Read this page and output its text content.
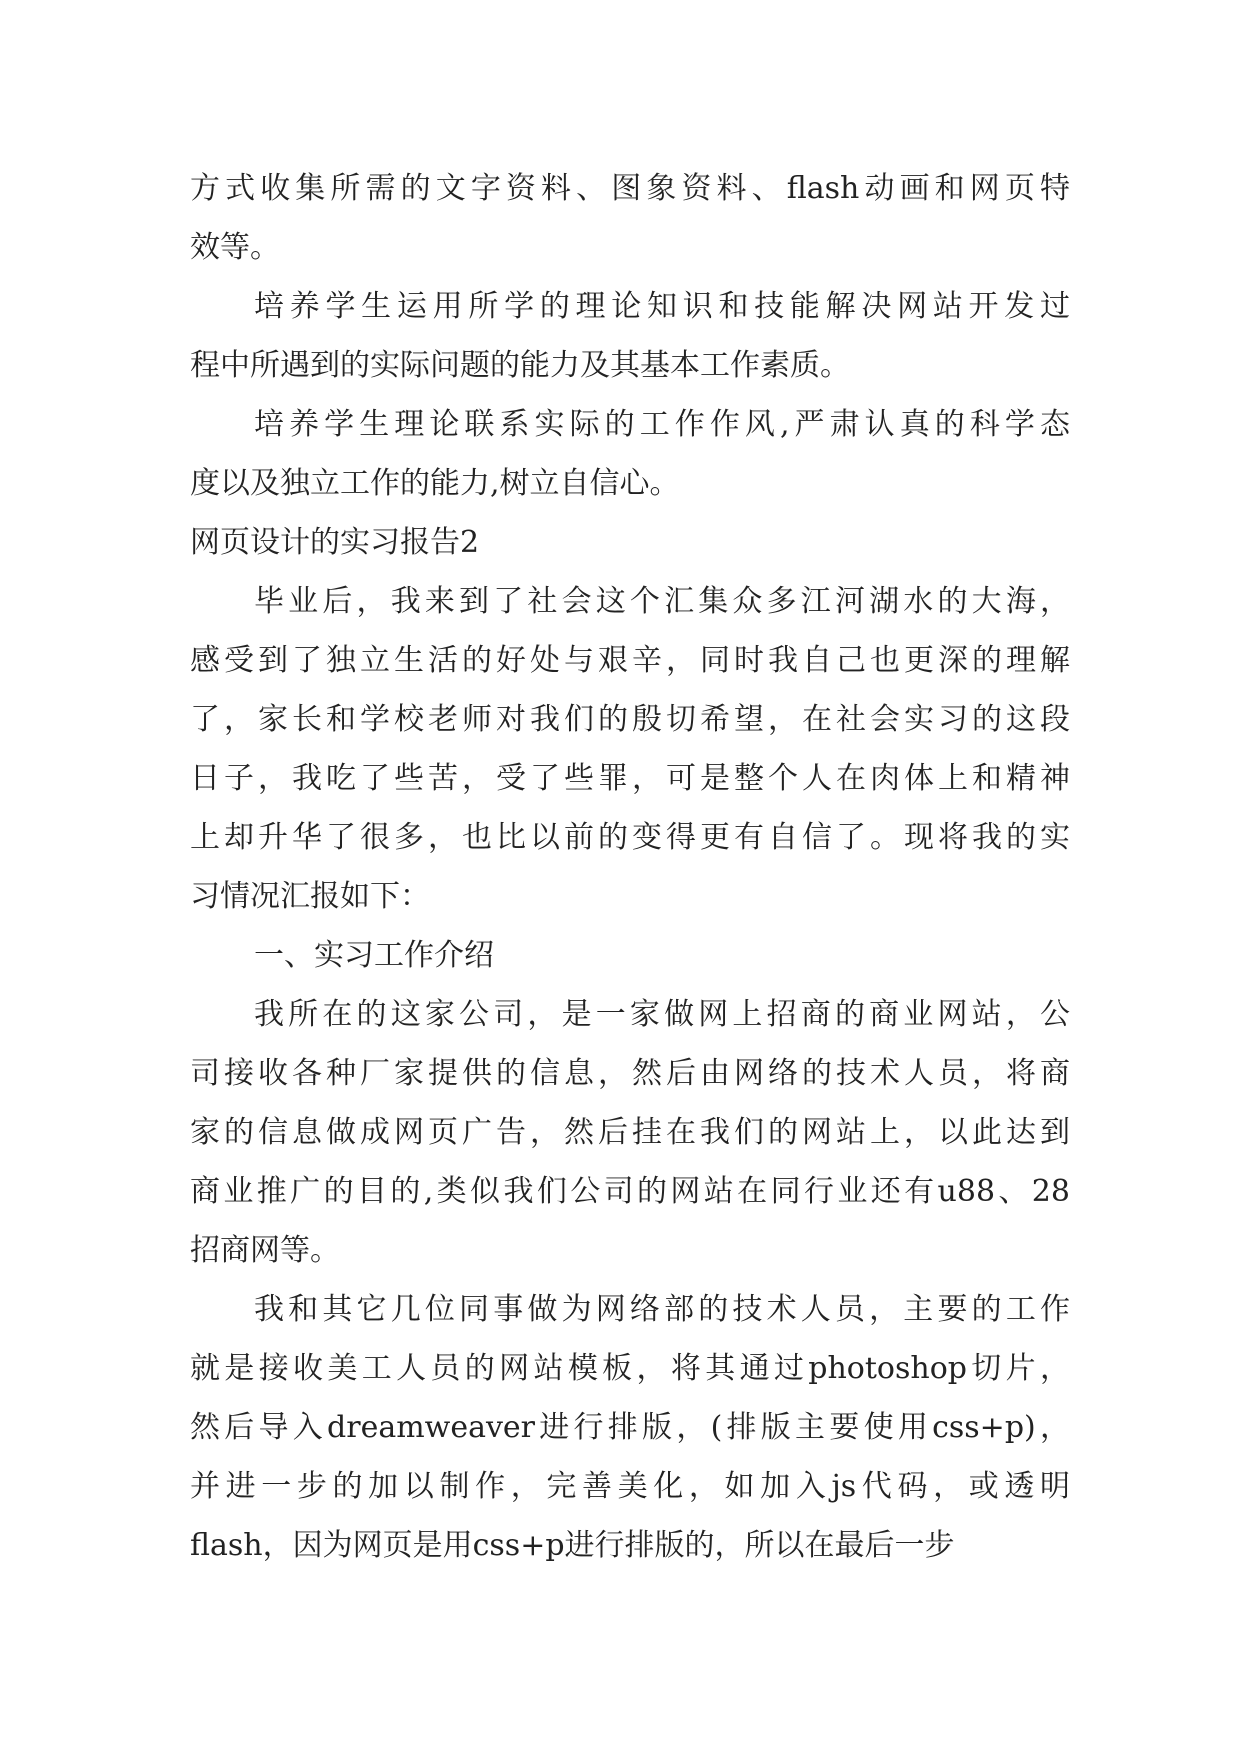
方式收集所需的文字资料、图象资料、flash动画和网页特
效等。
培养学生运用所学的理论知识和技能解决网站开发过
程中所遇到的实际问题的能力及其基本工作素质。
培养学生理论联系实际的工作作风,严肃认真的科学态
度以及独立工作的能力,树立自信心。
网页设计的实习报告2
毕业后，我来到了社会这个汇集众多江河湖水的大海，
感受到了独立生活的好处与艰辛，同时我自己也更深的理解
了，家长和学校老师对我们的殷切希望，在社会实习的这段
日子，我吃了些苦，受了些罪，可是整个人在肉体上和精神
上却升华了很多，也比以前的变得更有自信了。现将我的实
习情况汇报如下：
一、实习工作介绍
我所在的这家公司，是一家做网上招商的商业网站，公
司接收各种厂家提供的信息，然后由网络的技术人员，将商
家的信息做成网页广告，然后挂在我们的网站上，以此达到
商业推广的目的,类似我们公司的网站在同行业还有u88、28
招商网等。
我和其它几位同事做为网络部的技术人员，主要的工作
就是接收美工人员的网站模板，将其通过photoshop切片，
然后导入dreamweaver进行排版，(排版主要使用css+p)，
并进一步的加以制作，完善美化，如加入js代码，或透明
flash，因为网页是用css+p进行排版的，所以在最后一步
